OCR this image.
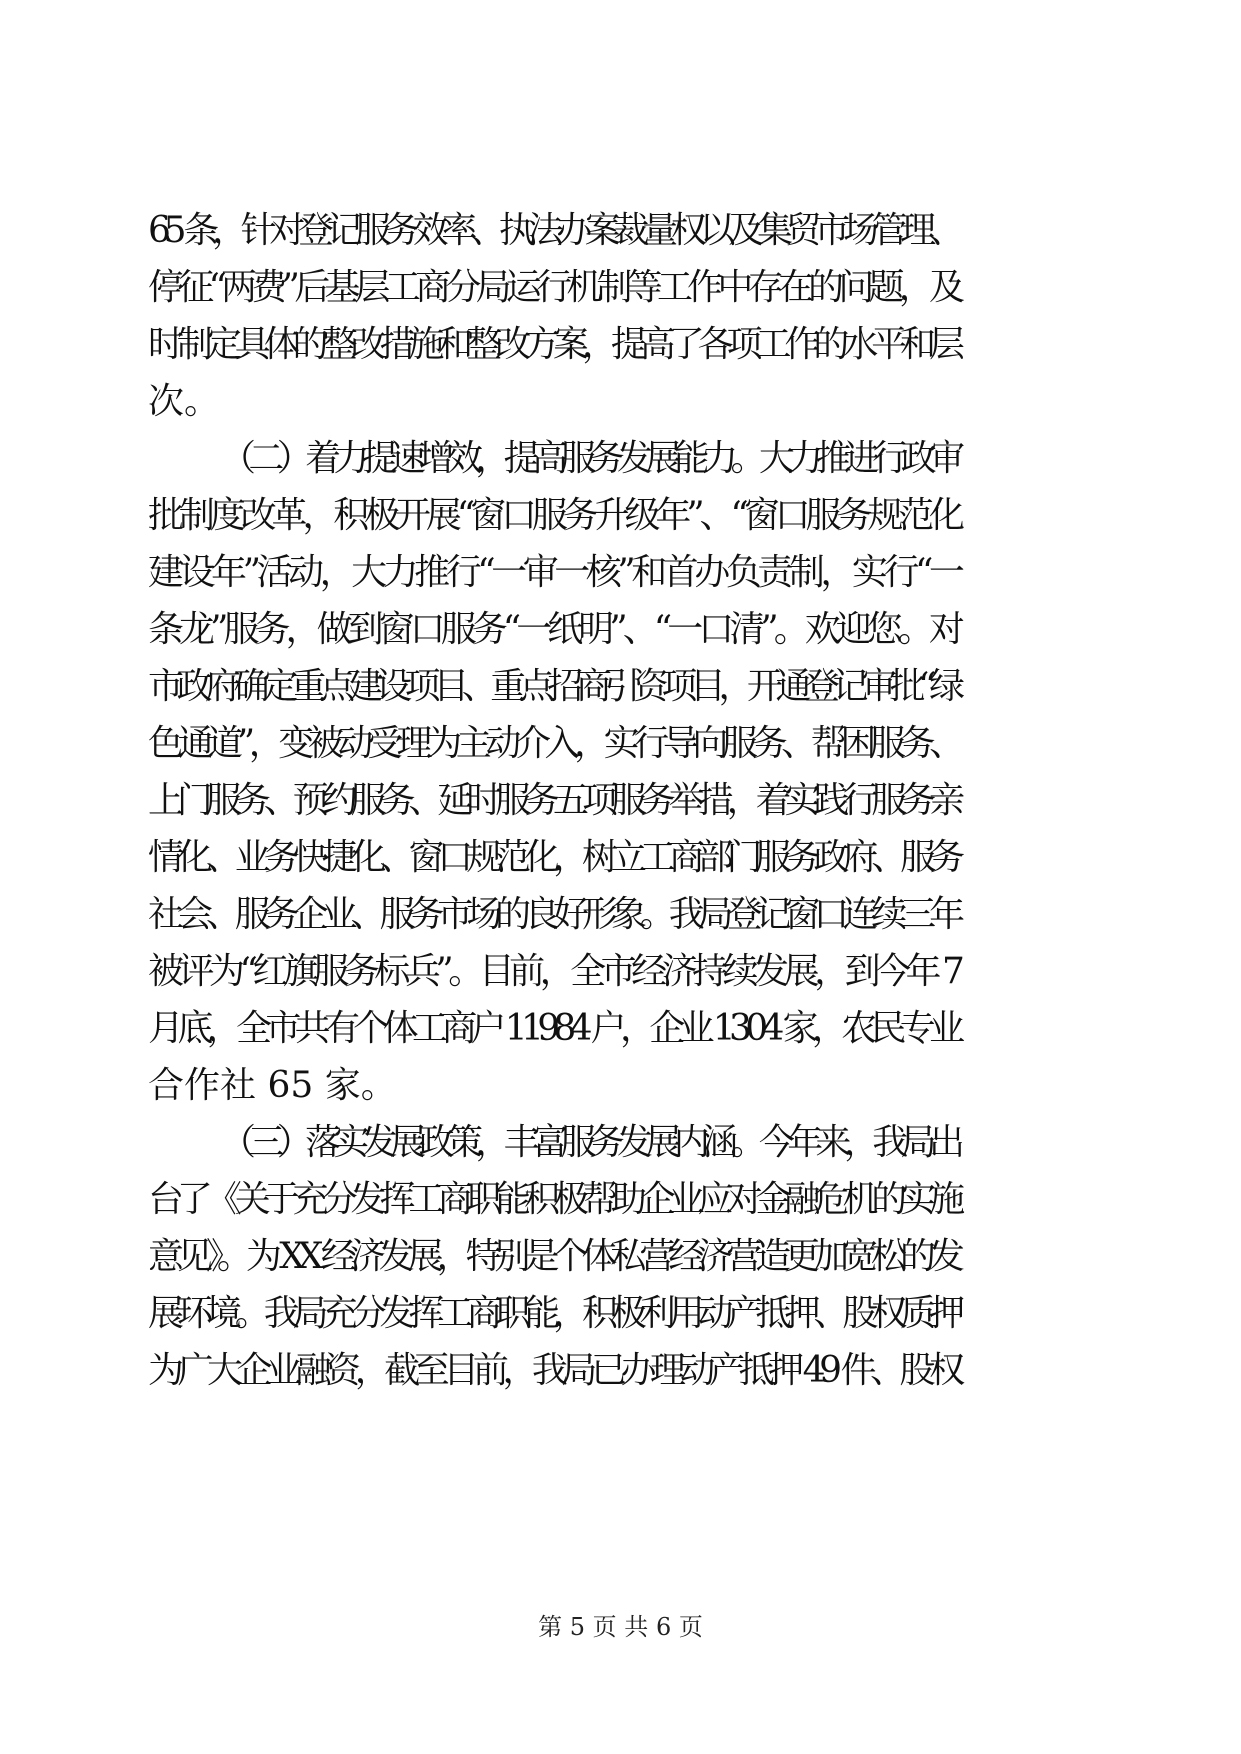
65 条，针对登记服务效率、执法办案裁量权以及集贸市场管理、
停征“两费”后基层工商分局运行机制等工作中存在的问题，及
时制定具体的整改措施和整改方案，提高了各项工作的水平和层
次。
（二）着力提速增效，提高服务发展能力。大力推进行政审
批制度改革，积极开展“窗口服务升级年”、“窗口服务规范化
建设年”活动，大力推行“一审一核”和首办负责制，实行“一
条龙”服务，做到窗口服务“一纸明”、“一口清”。欢迎您。对
市政府确定重点建设项目、重点招商引资项目，开通登记审批“绿
色通道”，变被动受理为主动介入，实行导向服务、帮困服务、
上门服务、预约服务、延时服务五项服务举措，着实践行服务亲
情化、业务快捷化、窗口规范化，树立工商部门服务政府、服务
社会、服务企业、服务市场的良好形象。我局登记窗口连续三年
被评为“红旗服务标兵”。目前，全市经济持续发展，到今年 7
月底，全市共有个体工商户 11984 户，企业 1304 家，农民专业
合作社 65 家。
（三）落实发展政策，丰富服务发展内涵。今年来，我局出
台了《关于充分发挥工商职能积极帮助企业应对金融危机的实施
意见》。为 XX 经济发展，特别是个体私营经济营造更加宽松的发
展环境。我局充分发挥工商职能，积极利用动产抵押、股权质押
为广大企业融资，截至目前，我局已办理动产抵押 49 件、股权
第 5 页 共 6 页
